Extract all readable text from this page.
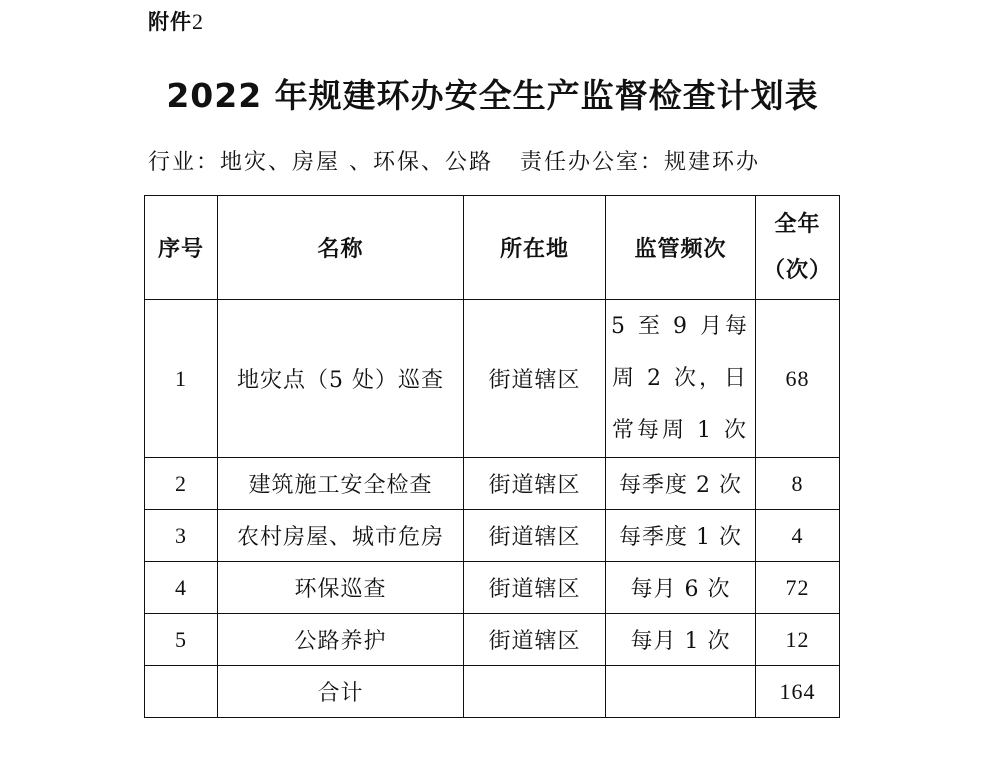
附件2
2022 年规建环办安全生产监督检查计划表
行业：地灾、房屋 、环保、公路   责任办公室：规建环办
序号	名称	所在地	监管频次	全年
（次）

1	地灾点（5 处）巡查	街道辖区	5 至 9 月每
周 2 次，日
常每周 1 次	68
2	建筑施工安全检查	街道辖区	每季度 2 次	8
3	农村房屋、城市危房	街道辖区	每季度 1 次	4
4	环保巡查	街道辖区	每月 6 次	72
5	公路养护	街道辖区	每月 1 次	12
	合计			164
